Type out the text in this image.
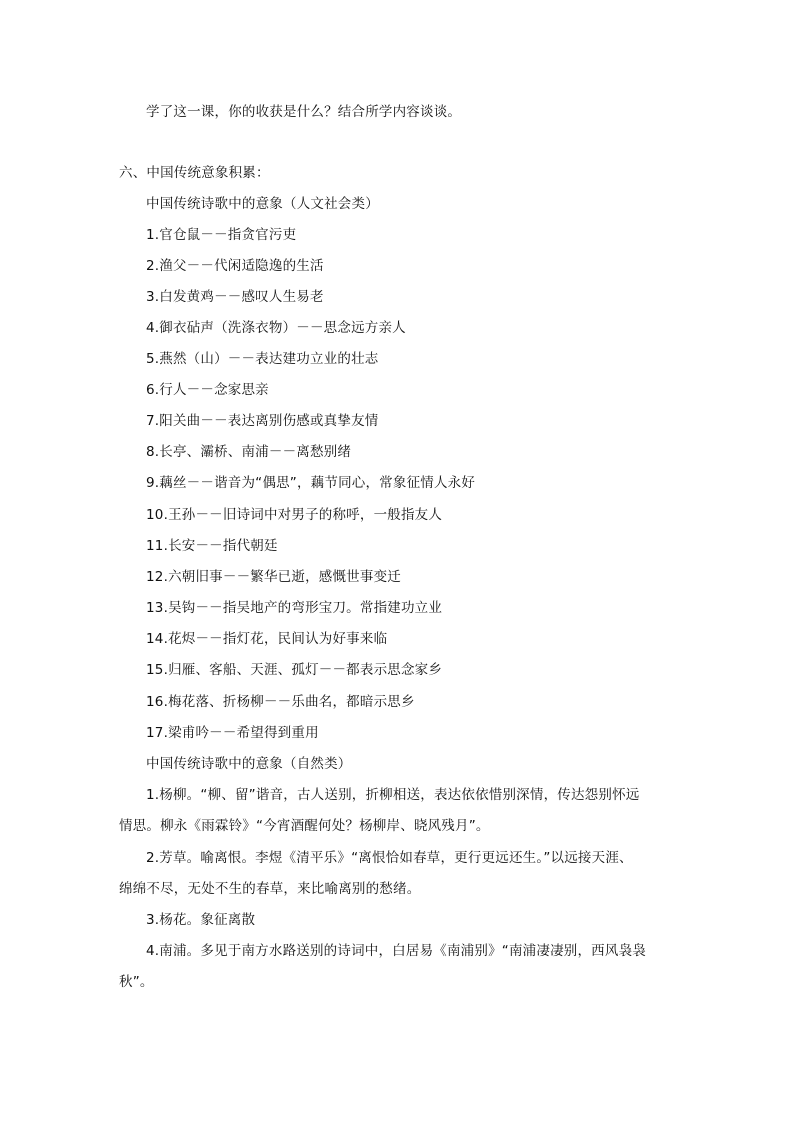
学了这一课，你的收获是什么？结合所学内容谈谈。
六、中国传统意象积累：
中国传统诗歌中的意象（人文社会类）
1.官仓鼠－－指贪官污吏
2.渔父－－代闲适隐逸的生活
3.白发黄鸡－－感叹人生易老
4.御衣砧声（洗涤衣物）－－思念远方亲人
5.燕然（山）－－表达建功立业的壮志
6.行人－－念家思亲
7.阳关曲－－表达离别伤感或真挚友情
8.长亭、灞桥、南浦－－离愁别绪
9.藕丝－－谐音为“偶思”，藕节同心，常象征情人永好
10.王孙－－旧诗词中对男子的称呼，一般指友人
11.长安－－指代朝廷
12.六朝旧事－－繁华已逝，感慨世事变迁
13.吴钩－－指吴地产的弯形宝刀。常指建功立业
14.花烬－－指灯花，民间认为好事来临
15.归雁、客船、天涯、孤灯－－都表示思念家乡
16.梅花落、折杨柳－－乐曲名，都暗示思乡
17.梁甫吟－－希望得到重用
中国传统诗歌中的意象（自然类）
1.杨柳。“柳、留”谐音，古人送别，折柳相送，表达依依惜别深情，传达怨别怀远
情思。柳永《雨霖铃》“今宵酒醒何处？杨柳岸、晓风残月”。
2.芳草。喻离恨。李煜《清平乐》“离恨恰如春草，更行更远还生。”以远接天涯、
绵绵不尽，无处不生的春草，来比喻离别的愁绪。
3.杨花。象征离散
4.南浦。多见于南方水路送别的诗词中，白居易《南浦别》“南浦凄凄别，西风袅袅
秋”。
